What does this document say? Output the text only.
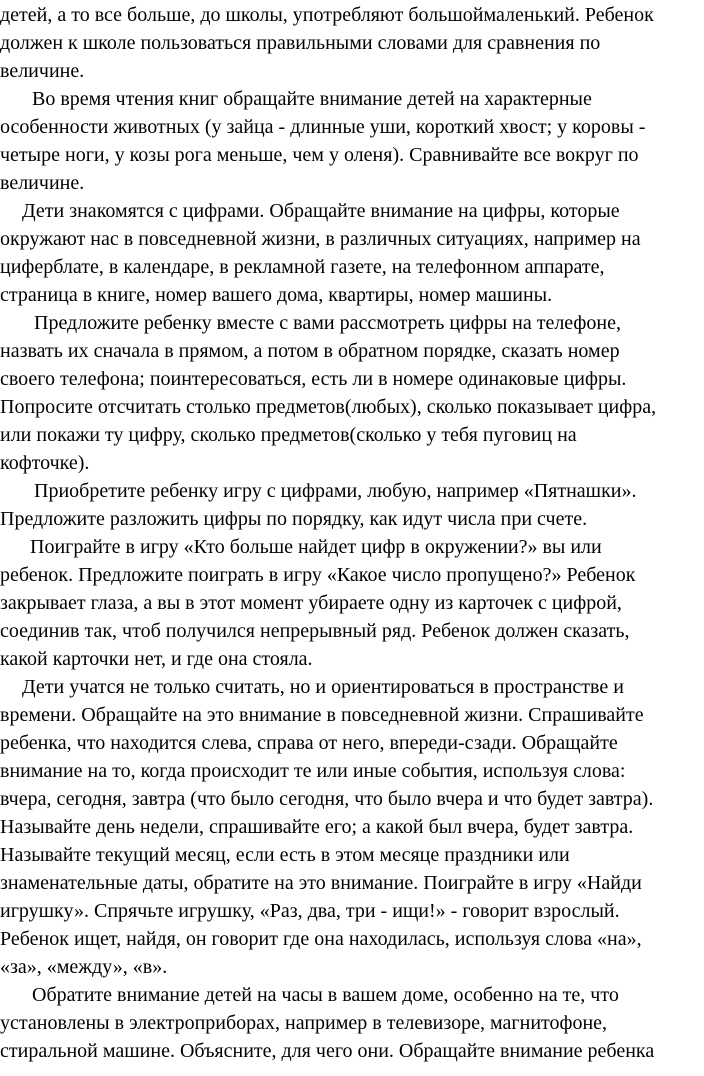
детей, а то все больше, до школы, употребляют большоймаленький. Ребенок

должен к школе пользоваться правильными словами для сравнения по

величине.

Во время чтения книг обращайте внимание детей на характерные

особенности животных (у зайца - длинные уши, короткий хвост; у коровы -

четыре ноги, у козы рога меньше, чем у оленя). Сравнивайте все вокруг по

величине.

Дети знакомятся с цифрами. Обращайте внимание на цифры, которые

окружают нас в повседневной жизни, в различных ситуациях, например на

циферблате, в календаре, в рекламной газете, на телефонном аппарате,

страница в книге, номер вашего дома, квартиры, номер машины.

Предложите ребенку вместе с вами рассмотреть цифры на телефоне,

назвать их сначала в прямом, а потом в обратном порядке, сказать номер

своего телефона; поинтересоваться, есть ли в номере одинаковые цифры.

Попросите отсчитать столько предметов(любых), сколько показывает цифра,

или покажи ту цифру, сколько предметов(сколько у тебя пуговиц на

кофточке).

Приобретите ребенку игру с цифрами, любую, например «Пятнашки».

Предложите разложить цифры по порядку, как идут числа при счете.

Поиграйте в игру «Кто больше найдет цифр в окружении?» вы или

ребенок. Предложите поиграть в игру «Какое число пропущено?» Ребенок

закрывает глаза, а вы в этот момент убираете одну из карточек с цифрой,

соединив так, чтоб получился непрерывный ряд. Ребенок должен сказать,

какой карточки нет, и где она стояла.

Дети учатся не только считать, но и ориентироваться в пространстве и

времени. Обращайте на это внимание в повседневной жизни. Спрашивайте

ребенка, что находится слева, справа от него, впереди-сзади. Обращайте

внимание на то, когда происходит те или иные события, используя слова:

вчера, сегодня, завтра (что было сегодня, что было вчера и что будет завтра).

Называйте день недели, спрашивайте его; а какой был вчера, будет завтра.

Называйте текущий месяц, если есть в этом месяце праздники или

знаменательные даты, обратите на это внимание. Поиграйте в игру «Найди

игрушку». Спрячьте игрушку, «Раз, два, три - ищи!» - говорит взрослый.

Ребенок ищет, найдя, он говорит где она находилась, используя слова «на»,

«за», «между», «в».

Обратите внимание детей на часы в вашем доме, особенно на те, что

установлены в электроприборах, например в телевизоре, магнитофоне,

стиральной машине. Объясните, для чего они. Обращайте внимание ребенка
